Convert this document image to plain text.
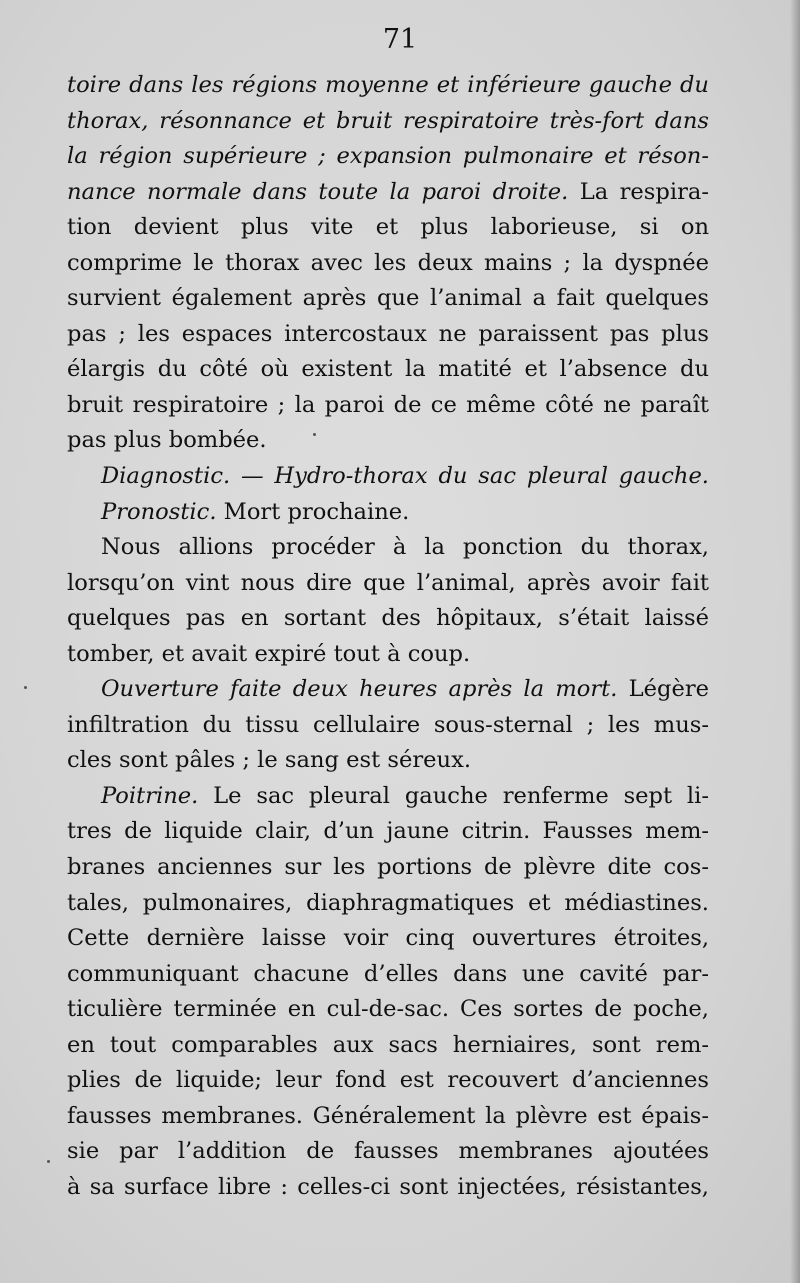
71
toire dans les régions moyenne et inférieure gauche du
thorax, résonnance et bruit respiratoire très-fort dans
la région supérieure ; expansion pulmonaire et réson-
nance normale dans toute la paroi droite. La respira-
tion devient plus vite et plus laborieuse, si on
comprime le thorax avec les deux mains ; la dyspnée
survient également après que l’animal a fait quelques
pas ; les espaces intercostaux ne paraissent pas plus
élargis du côté où existent la matité et l’absence du
bruit respiratoire ; la paroi de ce même côté ne paraît
pas plus bombée.
Diagnostic. — Hydro-thorax du sac pleural gauche.
Pronostic. Mort prochaine.
Nous allions procéder à la ponction du thorax,
lorsqu’on vint nous dire que l’animal, après avoir fait
quelques pas en sortant des hôpitaux, s’était laissé
tomber, et avait expiré tout à coup.
Ouverture faite deux heures après la mort. Légère
infiltration du tissu cellulaire sous-sternal ; les mus-
cles sont pâles ; le sang est séreux.
Poitrine. Le sac pleural gauche renferme sept li-
tres de liquide clair, d’un jaune citrin. Fausses mem-
branes anciennes sur les portions de plèvre dite cos-
tales, pulmonaires, diaphragmatiques et médiastines.
Cette dernière laisse voir cinq ouvertures étroites,
communiquant chacune d’elles dans une cavité par-
ticulière terminée en cul-de-sac. Ces sortes de poche,
en tout comparables aux sacs herniaires, sont rem-
plies de liquide; leur fond est recouvert d’anciennes
fausses membranes. Généralement la plèvre est épais-
sie par l’addition de fausses membranes ajoutées
à sa surface libre : celles-ci sont injectées, résistantes,
